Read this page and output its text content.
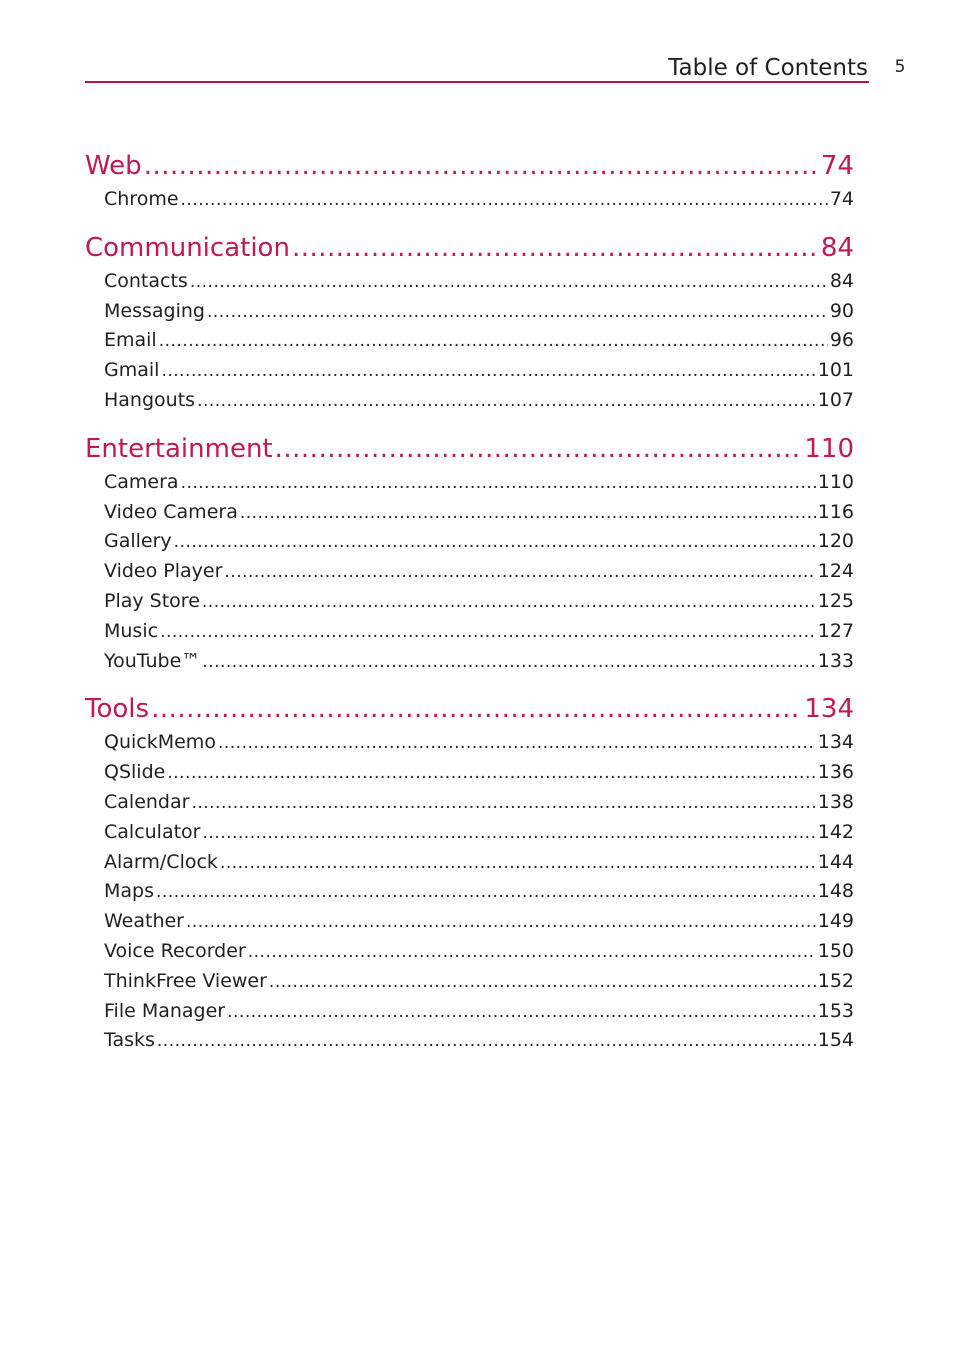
Table of Contents	5
Web .....	74
Chrome .....	74
Communication .....	84
Contacts .....	84
Messaging .....	90
Email .....	96
Gmail .....	101
Hangouts .....	107
Entertainment .....	110
Camera .....	110
Video Camera .....	116
Gallery .....	120
Video Player .....	124
Play Store .....	125
Music .....	127
YouTube™ .....	133
Tools .....	134
QuickMemo .....	134
QSlide .....	136
Calendar .....	138
Calculator .....	142
Alarm/Clock .....	144
Maps .....	148
Weather .....	149
Voice Recorder .....	150
ThinkFree Viewer .....	152
File Manager .....	153
Tasks .....	154
